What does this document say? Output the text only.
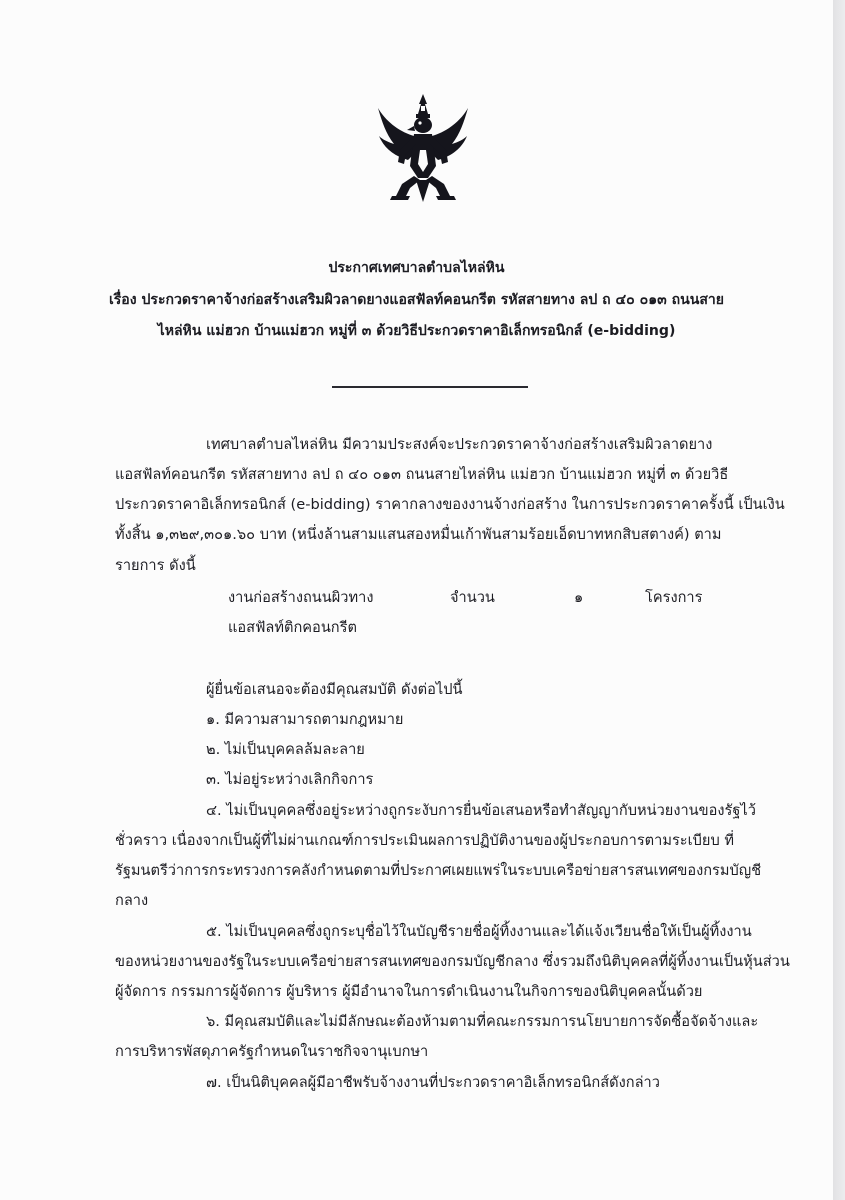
ประกาศเทศบาลตำบลไหล่หิน
เรื่อง ประกวดราคาจ้างก่อสร้างเสริมผิวลาดยางแอสฟัลท์คอนกรีต รหัสสายทาง ลป ถ ๔๐ ๐๑๓ ถนนสาย
ไหล่หิน แม่ฮวก บ้านแม่ฮวก หมู่ที่ ๓ ด้วยวิธีประกวดราคาอิเล็กทรอนิกส์ (e-bidding)
เทศบาลตำบลไหล่หิน มีความประสงค์จะประกวดราคาจ้างก่อสร้างเสริมผิวลาดยาง
แอสฟัลท์คอนกรีต รหัสสายทาง ลป ถ ๔๐ ๐๑๓ ถนนสายไหล่หิน แม่ฮวก บ้านแม่ฮวก หมู่ที่ ๓ ด้วยวิธี
ประกวดราคาอิเล็กทรอนิกส์ (e-bidding) ราคากลางของงานจ้างก่อสร้าง ในการประกวดราคาครั้งนี้ เป็นเงิน
ทั้งสิ้น ๑,๓๒๙,๓๐๑.๖๐ บาท (หนึ่งล้านสามแสนสองหมื่นเก้าพันสามร้อยเอ็ดบาทหกสิบสตางค์) ตาม
รายการ ดังนี้
งานก่อสร้างถนนผิวทาง
แอสฟัลท์ติกคอนกรีต
จำนวน	๑	โครงการ
ผู้ยื่นข้อเสนอจะต้องมีคุณสมบัติ ดังต่อไปนี้
๑. มีความสามารถตามกฎหมาย
๒. ไม่เป็นบุคคลล้มละลาย
๓. ไม่อยู่ระหว่างเลิกกิจการ
๔. ไม่เป็นบุคคลซึ่งอยู่ระหว่างถูกระงับการยื่นข้อเสนอหรือทำสัญญากับหน่วยงานของรัฐไว้
ชั่วคราว เนื่องจากเป็นผู้ที่ไม่ผ่านเกณฑ์การประเมินผลการปฏิบัติงานของผู้ประกอบการตามระเบียบ ที่
รัฐมนตรีว่าการกระทรวงการคลังกำหนดตามที่ประกาศเผยแพร่ในระบบเครือข่ายสารสนเทศของกรมบัญชี
กลาง
๕. ไม่เป็นบุคคลซึ่งถูกระบุชื่อไว้ในบัญชีรายชื่อผู้ทิ้งงานและได้แจ้งเวียนชื่อให้เป็นผู้ทิ้งงาน
ของหน่วยงานของรัฐในระบบเครือข่ายสารสนเทศของกรมบัญชีกลาง ซึ่งรวมถึงนิติบุคคลที่ผู้ทิ้งงานเป็นหุ้นส่วน
ผู้จัดการ กรรมการผู้จัดการ ผู้บริหาร ผู้มีอำนาจในการดำเนินงานในกิจการของนิติบุคคลนั้นด้วย
๖. มีคุณสมบัติและไม่มีลักษณะต้องห้ามตามที่คณะกรรมการนโยบายการจัดซื้อจัดจ้างและ
การบริหารพัสดุภาครัฐกำหนดในราชกิจจานุเบกษา
๗. เป็นนิติบุคคลผู้มีอาชีพรับจ้างงานที่ประกวดราคาอิเล็กทรอนิกส์ดังกล่าว
